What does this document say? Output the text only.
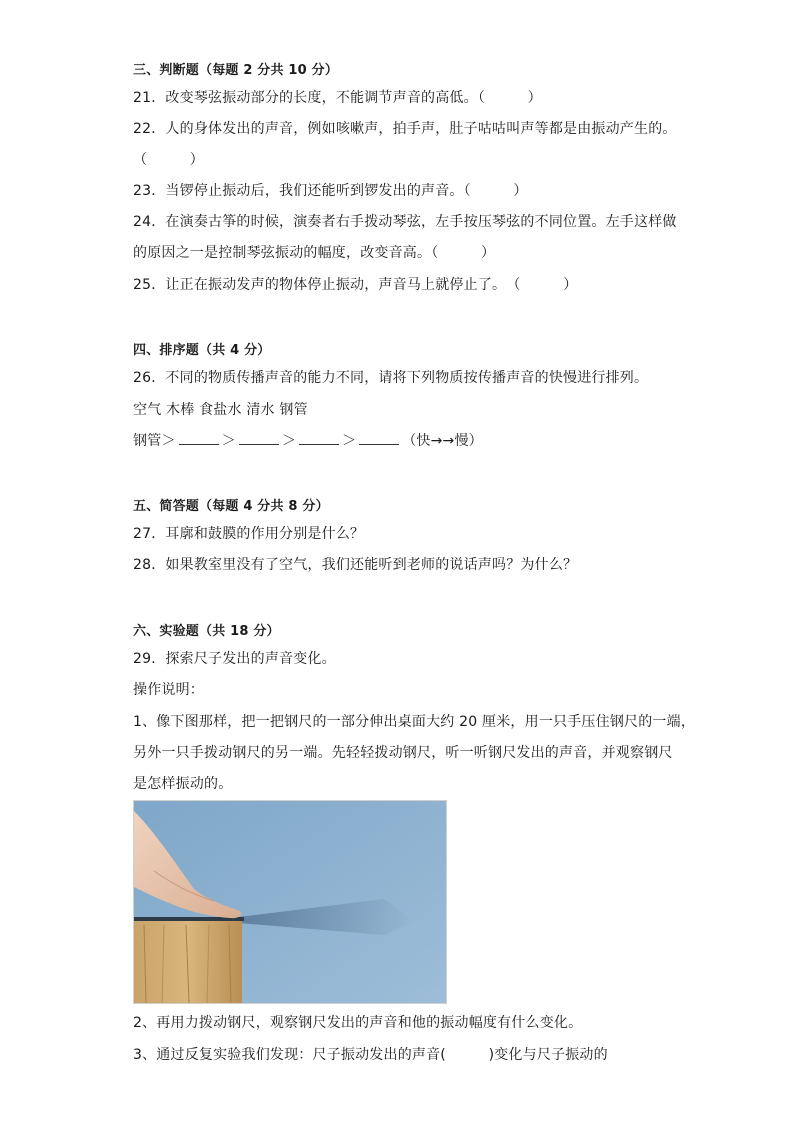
三、判断题（每题 2 分共 10 分）
21．改变琴弦振动部分的长度，不能调节声音的高低。（　　　）
22．人的身体发出的声音，例如咳嗽声，拍手声，肚子咕咕叫声等都是由振动产生的。
（　　　）
23．当锣停止振动后，我们还能听到锣发出的声音。（　　　）
24．在演奏古筝的时候，演奏者右手拨动琴弦，左手按压琴弦的不同位置。左手这样做
的原因之一是控制琴弦振动的幅度，改变音高。（　　　）
25．让正在振动发声的物体停止振动，声音马上就停止了。　（　　　）
四、排序题（共 4 分）
26．不同的物质传播声音的能力不同，请将下列物质按传播声音的快慢进行排列。
空气 木棒 食盐水 清水 钢管
钢管＞	＞	＞	＞	（快→→慢）
五、简答题（每题 4 分共 8 分）
27．耳廓和鼓膜的作用分别是什么？
28．如果教室里没有了空气，我们还能听到老师的说话声吗？为什么？
六、实验题（共 18 分）
29．探索尺子发出的声音变化。
操作说明：
1、像下图那样，把一把钢尺的一部分伸出桌面大约 20 厘米，用一只手压住钢尺的一端，
另外一只手拨动钢尺的另一端。先轻轻拨动钢尺，听一听钢尺发出的声音，并观察钢尺
是怎样振动的。
2、再用力拨动钢尺，观察钢尺发出的声音和他的振动幅度有什么变化。
3、通过反复实验我们发现：尺子振动发出的声音(　　　)变化与尺子振动的
